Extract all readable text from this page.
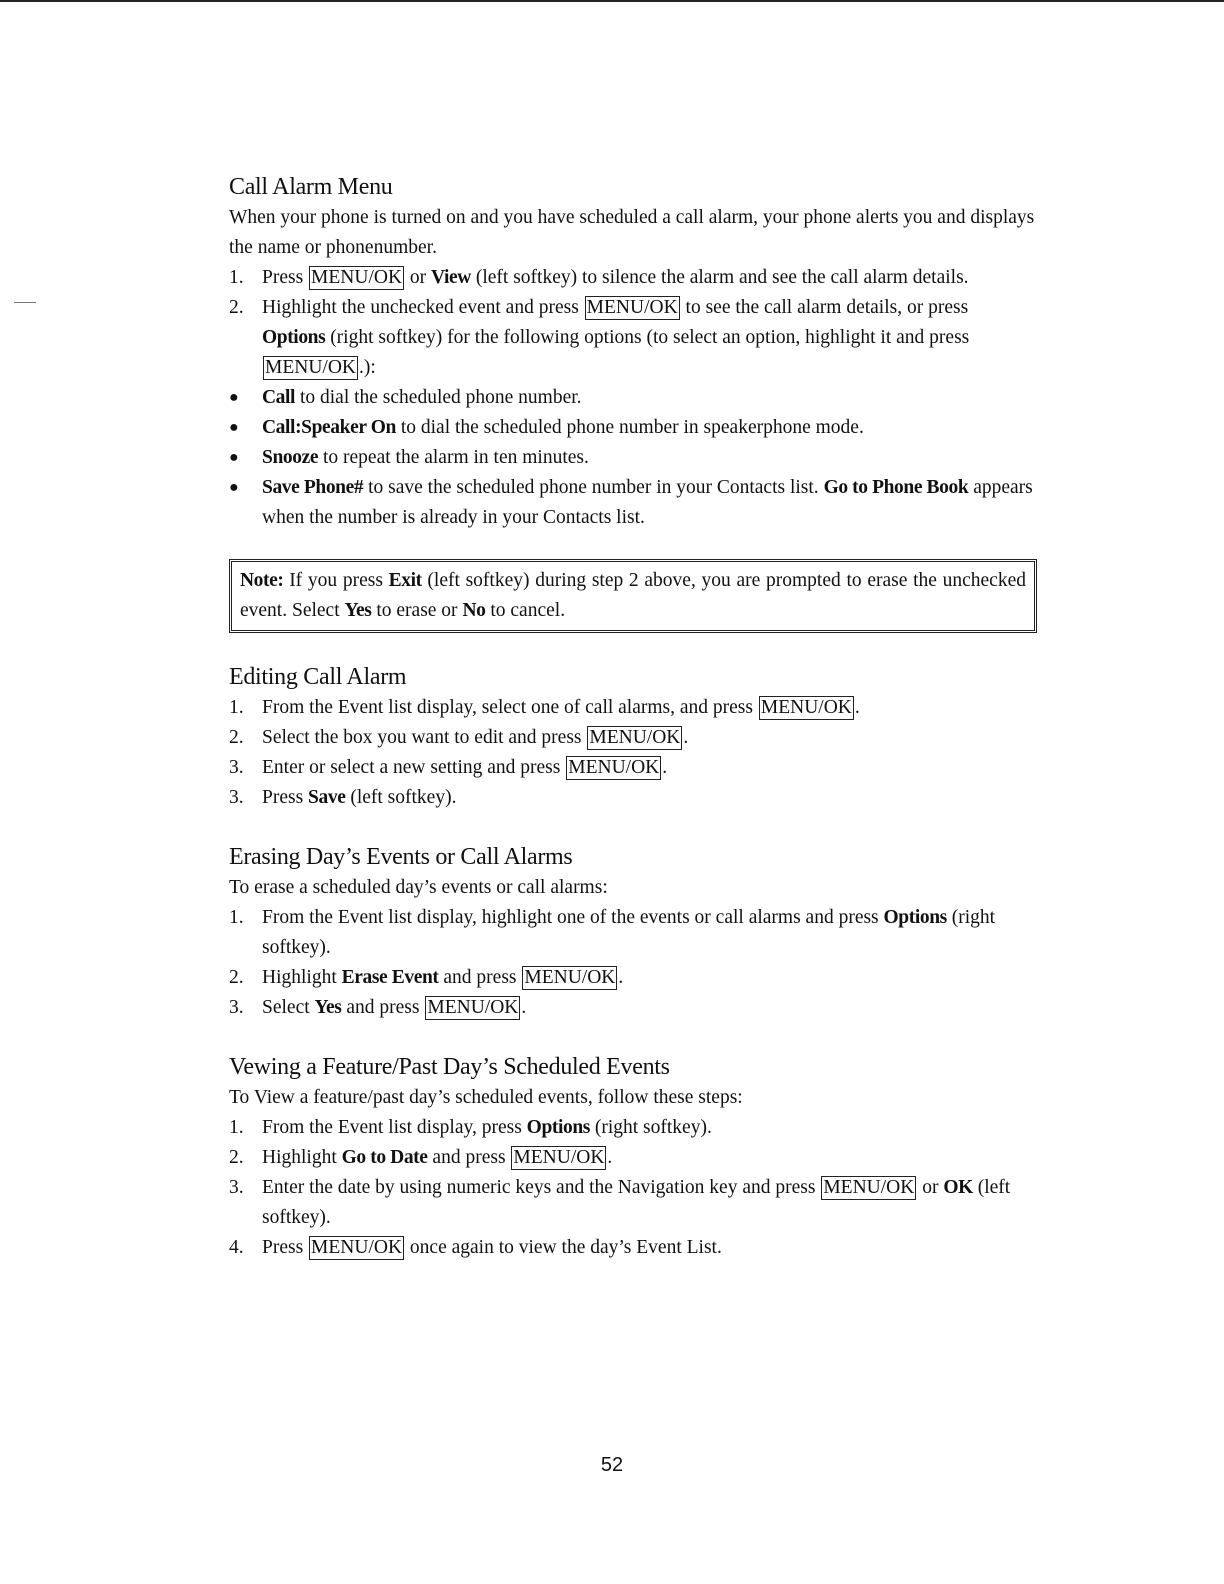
Call Alarm Menu

When your phone is turned on and you have scheduled a call alarm, your phone alerts you and displays the name or phonenumber.

1. Press MENU/OK or View (left softkey) to silence the alarm and see the call alarm details.
2. Highlight the unchecked event and press MENU/OK to see the call alarm details, or press Options (right softkey) for the following options (to select an option, highlight it and press MENU/OK .):
● Call to dial the scheduled phone number.
● Call:Speaker On to dial the scheduled phone number in speakerphone mode.
● Snooze to repeat the alarm in ten minutes.
● Save Phone# to save the scheduled phone number in your Contacts list. Go to Phone Book appears when the number is already in your Contacts list.
Note: If you press Exit (left softkey) during step 2 above, you are prompted to erase the unchecked event. Select Yes to erase or No to cancel.
Editing Call Alarm
1. From the Event list display, select one of call alarms, and press MENU/OK .
2. Select the box you want to edit and press MENU/OK .
3. Enter or select a new setting and press MENU/OK .
3. Press Save (left softkey).
Erasing Day’s Events or Call Alarms

To erase a scheduled day’s events or call alarms:

1. From the Event list display, highlight one of the events or call alarms and press Options (right softkey).
2. Highlight Erase Event and press MENU/OK .
3. Select Yes and press MENU/OK .
Vewing a Feature/Past Day’s Scheduled Events

To View a feature/past day’s scheduled events, follow these steps:

1. From the Event list display, press Options (right softkey).
2. Highlight Go to Date and press MENU/OK .
3. Enter the date by using numeric keys and the Navigation key and press MENU/OK or OK (left softkey).
4. Press MENU/OK once again to view the day’s Event List.
52
